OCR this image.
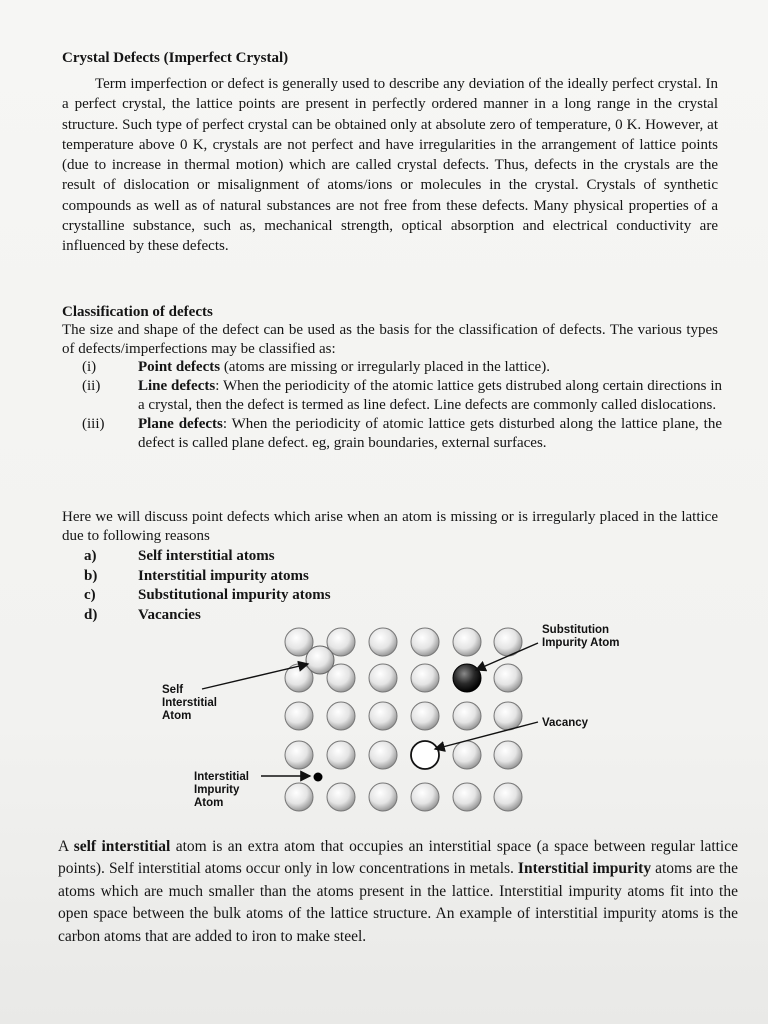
Crystal Defects (Imperfect Crystal)

Term imperfection or defect is generally used to describe any deviation of the ideally perfect crystal. In a perfect crystal, the lattice points are present in perfectly ordered manner in a long range in the crystal structure. Such type of perfect crystal can be obtained only at absolute zero of temperature, 0 K. However, at temperature above 0 K, crystals are not perfect and have irregularities in the arrangement of lattice points (due to increase in thermal motion) which are called crystal defects. Thus, defects in the crystals are the result of dislocation or misalignment of atoms/ions or molecules in the crystal. Crystals of synthetic compounds as well as of natural substances are not free from these defects. Many physical properties of a crystalline substance, such as, mechanical strength, optical absorption and electrical conductivity are influenced by these defects.

Classification of defects

The size and shape of the defect can be used as the basis for the classification of defects. The various types of defects/imperfections may be classified as:

(i)	Point defects (atoms are missing or irregularly placed in the lattice).
(ii)	Line defects: When the periodicity of the atomic lattice gets distrubed along certain directions in a crystal, then the defect is termed as line defect. Line defects are commonly called dislocations.
(iii)	Plane defects: When the periodicity of atomic lattice gets disturbed along the lattice plane, the defect is called plane defect. eg, grain boundaries, external surfaces.

Here we will discuss point defects which arise when an atom is missing or is irregularly placed in the lattice due to following reasons

a)	Self interstitial atoms
b)	Interstitial impurity atoms
c)	Substitutional impurity atoms
d)	Vacancies
Substitution Impurity Atom
Self Interstitial Atom
Vacancy
Interstitial Impurity Atom

A self interstitial atom is an extra atom that occupies an interstitial space (a space between regular lattice points). Self interstitial atoms occur only in low concentrations in metals. Interstitial impurity atoms are the atoms which are much smaller than the atoms present in the lattice. Interstitial impurity atoms fit into the open space between the bulk atoms of the lattice structure. An example of interstitial impurity atoms is the carbon atoms that are added to iron to make steel.
